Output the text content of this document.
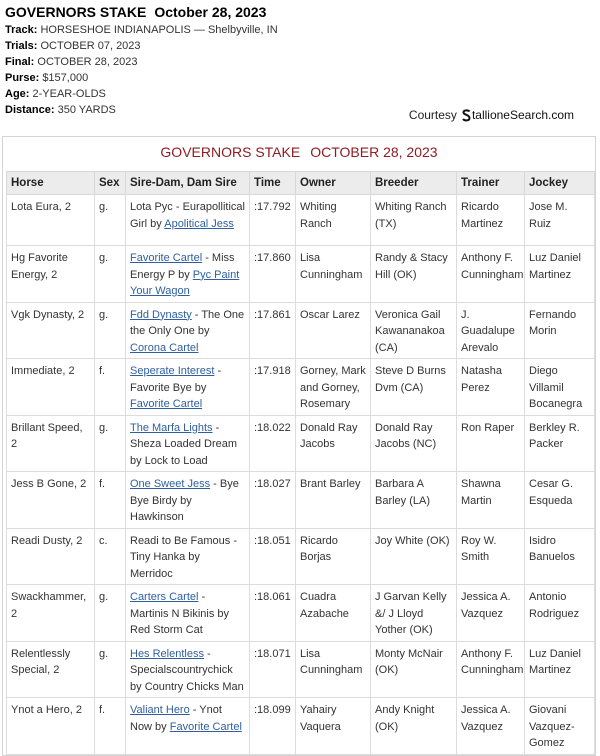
GOVERNORS STAKE October 28, 2023
Track: HORSESHOE INDIANAPOLIS — Shelbyville, IN
Trials: OCTOBER 07, 2023
Final: OCTOBER 28, 2023
Purse: $157,000
Age: 2-YEAR-OLDS
Distance: 350 YARDS	Courtesy tallioneSearch.com
GOVERNORS STAKE OCTOBER 28, 2023
Horse	Sex	Sire-Dam, Dam Sire	Time	Owner	Breeder	Trainer	Jockey
Lota Eura, 2	g.	Lota Pyc - Eurapollitical Girl by Apolitical Jess	:17.792	Whiting Ranch	Whiting Ranch (TX)	Ricardo Martinez	Jose M. Ruiz
Hg Favorite Energy, 2	g.	Favorite Cartel - Miss Energy P by Pyc Paint Your Wagon	:17.860	Lisa Cunningham	Randy & Stacy Hill (OK)	Anthony F. Cunningham	Luz Daniel Martinez
Vgk Dynasty, 2	g.	Fdd Dynasty - The One the Only One by Corona Cartel	:17.861	Oscar Larez	Veronica Gail Kawananakoa (CA)	J. Guadalupe Arevalo	Fernando Morin
Immediate, 2	f.	Seperate Interest - Favorite Bye by Favorite Cartel	:17.918	Gorney, Mark and Gorney, Rosemary	Steve D Burns Dvm (CA)	Natasha Perez	Diego Villamil Bocanegra
Brillant Speed, 2	g.	The Marfa Lights - Sheza Loaded Dream by Lock to Load	:18.022	Donald Ray Jacobs	Donald Ray Jacobs (NC)	Ron Raper	Berkley R. Packer
Jess B Gone, 2	f.	One Sweet Jess - Bye Bye Birdy by Hawkinson	:18.027	Brant Barley	Barbara A Barley (LA)	Shawna Martin	Cesar G. Esqueda
Readi Dusty, 2	c.	Readi to Be Famous - Tiny Hanka by Merridoc	:18.051	Ricardo Borjas	Joy White (OK)	Roy W. Smith	Isidro Banuelos
Swackhammer, 2	g.	Carters Cartel - Martinis N Bikinis by Red Storm Cat	:18.061	Cuadra Azabache	J Garvan Kelly &/ J Lloyd Yother (OK)	Jessica A. Vazquez	Antonio Rodriguez
Relentlessly Special, 2	g.	Hes Relentless - Specialscountrychick by Country Chicks Man	:18.071	Lisa Cunningham	Monty McNair (OK)	Anthony F. Cunningham	Luz Daniel Martinez
Ynot a Hero, 2	f.	Valiant Hero - Ynot Now by Favorite Cartel	:18.099	Yahairy Vaquera	Andy Knight (OK)	Jessica A. Vazquez	Giovani Vazquez-Gomez
